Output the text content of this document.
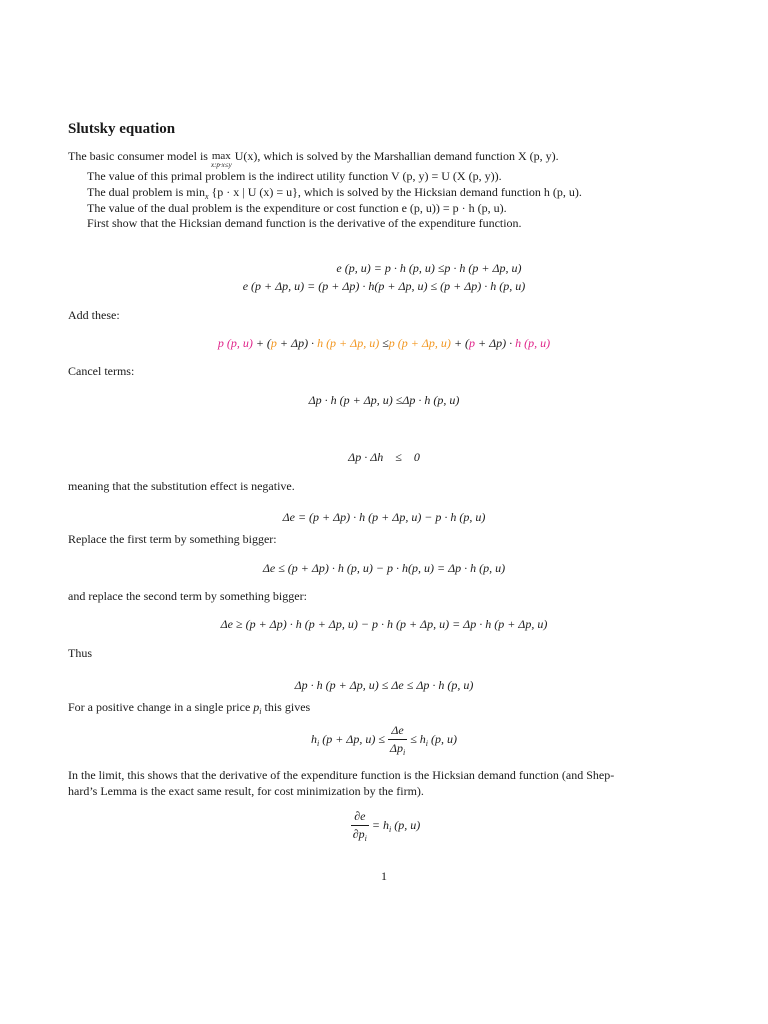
Slutsky equation
The basic consumer model is max
x:p·x≤y
U(x), which is solved by the Marshallian demand function X (p, y).
The value of this primal problem is the indirect utility function V (p, y) = U (X (p, y)).
The dual problem is $\min_x \{p \cdot x$ | U (x) = u}, which is solved by the Hicksian demand function h (p, u).
The value of the dual problem is the expenditure or cost function e (p, u)) = p · h (p, u).
First show that the Hicksian demand function is the derivative of the expenditure function.
e (p, u) = p · h (p, u) ≤p · h (p + Δp, u)
e (p + Δp, u) = (p + Δp) · h(p + Δp, u) ≤ (p + Δp) · h (p, u)
Add these:
p (p, u) + (p + Δp) · h (p + Δp, u) ≤p (p + Δp, u) + (p + Δp) · h (p, u)
Cancel terms:
Δp · h (p + Δp, u) ≤Δp · h (p, u)
Δp · Δh    ≤    0
meaning that the substitution effect is negative.
Δe = (p + Δp) · h (p + Δp, u) − p · h (p, u)
Replace the first term by something bigger:
Δe ≤ (p + Δp) · h (p, u) − p · h(p, u) = Δp · h (p, u)
and replace the second term by something bigger:
Δe ≥ (p + Δp) · h (p + Δp, u) − p · h (p + Δp, u) = Δp · h (p + Δp, u)
Thus
Δp · h (p + Δp, u) ≤ Δe ≤ Δp · h (p, u)
For a positive change in a single price $p_i$ this gives
$h_i$ (p + Δp, $u) \le \frac{\Delta e}{\Delta p_i} \le h_i$ (p, u)
In the limit, this shows that the derivative of the expenditure function is the Hicksian demand function (and Shep-
hard’s Lemma is the exact same result, for cost minimization by the firm).
$\frac{\partial e}{\partial p_i} = h_i$ (p, u)
1
